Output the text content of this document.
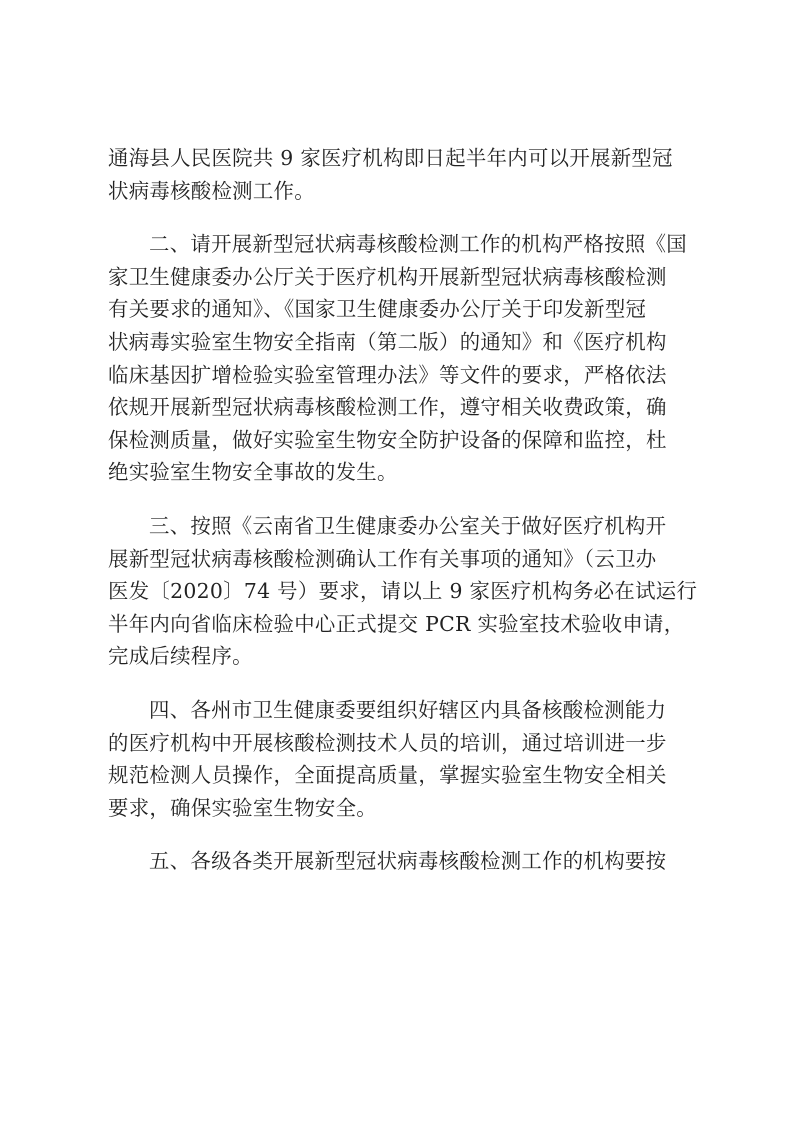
通海县人民医院共 9 家医疗机构即日起半年内可以开展新型冠
状病毒核酸检测工作。
二、请开展新型冠状病毒核酸检测工作的机构严格按照《国
家卫生健康委办公厅关于医疗机构开展新型冠状病毒核酸检测
有关要求的通知》、《国家卫生健康委办公厅关于印发新型冠
状病毒实验室生物安全指南（第二版）的通知》和《医疗机构
临床基因扩增检验实验室管理办法》等文件的要求，严格依法
依规开展新型冠状病毒核酸检测工作，遵守相关收费政策，确
保检测质量，做好实验室生物安全防护设备的保障和监控，杜
绝实验室生物安全事故的发生。
三、按照《云南省卫生健康委办公室关于做好医疗机构开
展新型冠状病毒核酸检测确认工作有关事项的通知》（云卫办
医发〔2020〕74 号）要求，请以上 9 家医疗机构务必在试运行
半年内向省临床检验中心正式提交 PCR 实验室技术验收申请，
完成后续程序。
四、各州市卫生健康委要组织好辖区内具备核酸检测能力
的医疗机构中开展核酸检测技术人员的培训，通过培训进一步
规范检测人员操作，全面提高质量，掌握实验室生物安全相关
要求，确保实验室生物安全。
五、各级各类开展新型冠状病毒核酸检测工作的机构要按
